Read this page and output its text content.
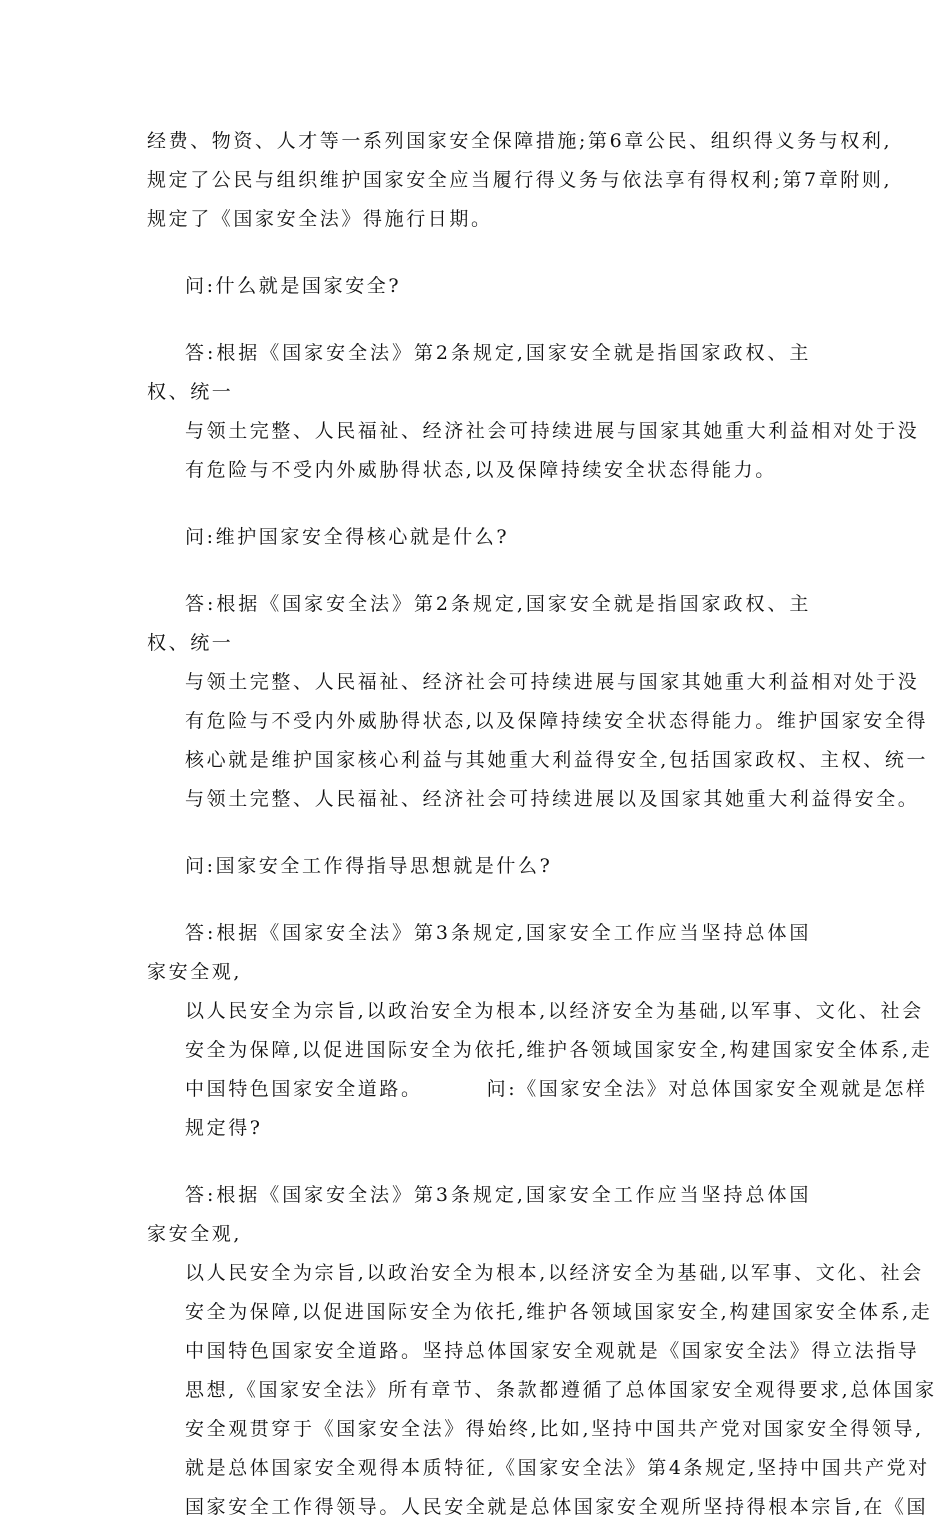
经费、物资、人才等一系列国家安全保障措施;第6章公民、组织得义务与权利,
规定了公民与组织维护国家安全应当履行得义务与依法享有得权利;第7章附则,
规定了《国家安全法》得施行日期。

问:什么就是国家安全?

答:根据《国家安全法》第2条规定,国家安全就是指国家政权、主权、统一
与领土完整、人民福祉、经济社会可持续进展与国家其她重大利益相对处于没
有危险与不受内外威胁得状态,以及保障持续安全状态得能力。

问:维护国家安全得核心就是什么?

答:根据《国家安全法》第2条规定,国家安全就是指国家政权、主权、统一
与领土完整、人民福祉、经济社会可持续进展与国家其她重大利益相对处于没
有危险与不受内外威胁得状态,以及保障持续安全状态得能力。维护国家安全得
核心就是维护国家核心利益与其她重大利益得安全,包括国家政权、主权、统一
与领土完整、人民福祉、经济社会可持续进展以及国家其她重大利益得安全。

问:国家安全工作得指导思想就是什么?

答:根据《国家安全法》第3条规定,国家安全工作应当坚持总体国家安全观,
以人民安全为宗旨,以政治安全为根本,以经济安全为基础,以军事、文化、社会
安全为保障,以促进国际安全为依托,维护各领域国家安全,构建国家安全体系,走
中国特色国家安全道路。	问:《国家安全法》对总体国家安全观就是怎样
规定得?

答:根据《国家安全法》第3条规定,国家安全工作应当坚持总体国家安全观,
以人民安全为宗旨,以政治安全为根本,以经济安全为基础,以军事、文化、社会
安全为保障,以促进国际安全为依托,维护各领域国家安全,构建国家安全体系,走
中国特色国家安全道路。坚持总体国家安全观就是《国家安全法》得立法指导
思想,《国家安全法》所有章节、条款都遵循了总体国家安全观得要求,总体国家
安全观贯穿于《国家安全法》得始终,比如,坚持中国共产党对国家安全得领导,
就是总体国家安全观得本质特征,《国家安全法》第4条规定,坚持中国共产党对
国家安全工作得领导。人民安全就是总体国家安全观所坚持得根本宗旨,在《国
